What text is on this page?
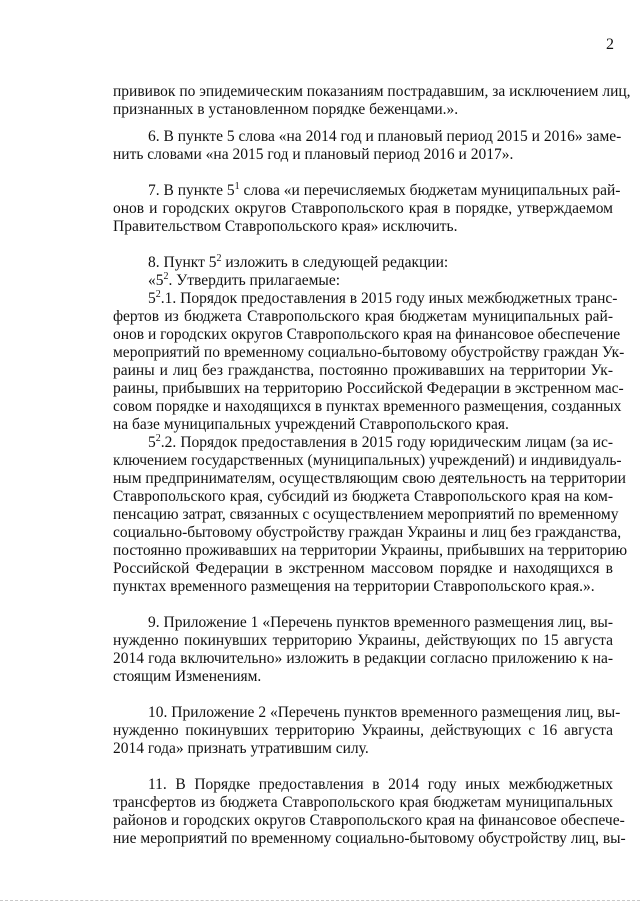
2
прививок по эпидемическим показаниям пострадавшим, за исключением лиц,
признанных в установленном порядке беженцами.».
6. В пункте 5 слова «на 2014 год и плановый период 2015 и 2016» заме-
нить словами «на 2015 год и плановый период 2016 и 2017».
7. В пункте $5^1$ слова «и перечисляемых бюджетам муниципальных рай-
онов и городских округов Ставропольского края в порядке, утверждаемом
Правительством Ставропольского края» исключить.
8. Пункт $5^2$ изложить в следующей редакции:
«$5^2$. Утвердить прилагаемые:
$5^2.1$. Порядок предоставления в 2015 году иных межбюджетных транс-
фертов из бюджета Ставропольского края бюджетам муниципальных рай-
онов и городских округов Ставропольского края на финансовое обеспечение
мероприятий по временному социально-бытовому обустройству граждан Ук-
раины и лиц без гражданства, постоянно проживавших на территории Ук-
раины, прибывших на территорию Российской Федерации в экстренном мас-
совом порядке и находящихся в пунктах временного размещения, созданных
на базе муниципальных учреждений Ставропольского края.
$5^2.2$. Порядок предоставления в 2015 году юридическим лицам (за ис-
ключением государственных (муниципальных) учреждений) и индивидуаль-
ным предпринимателям, осуществляющим свою деятельность на территории
Ставропольского края, субсидий из бюджета Ставропольского края на ком-
пенсацию затрат, связанных с осуществлением мероприятий по временному
социально-бытовому обустройству граждан Украины и лиц без гражданства,
постоянно проживавших на территории Украины, прибывших на территорию
Российской Федерации в экстренном массовом порядке и находящихся в
пунктах временного размещения на территории Ставропольского края.».
9. Приложение 1 «Перечень пунктов временного размещения лиц, вы-
нужденно покинувших территорию Украины, действующих по 15 августа
2014 года включительно» изложить в редакции согласно приложению к на-
стоящим Изменениям.
10. Приложение 2 «Перечень пунктов временного размещения лиц, вы-
нужденно покинувших территорию Украины, действующих с 16 августа
2014 года» признать утратившим силу.
11. В Порядке предоставления в 2014 году иных межбюджетных
трансфертов из бюджета Ставропольского края бюджетам муниципальных
районов и городских округов Ставропольского края на финансовое обеспече-
ние мероприятий по временному социально-бытовому обустройству лиц, вы-
